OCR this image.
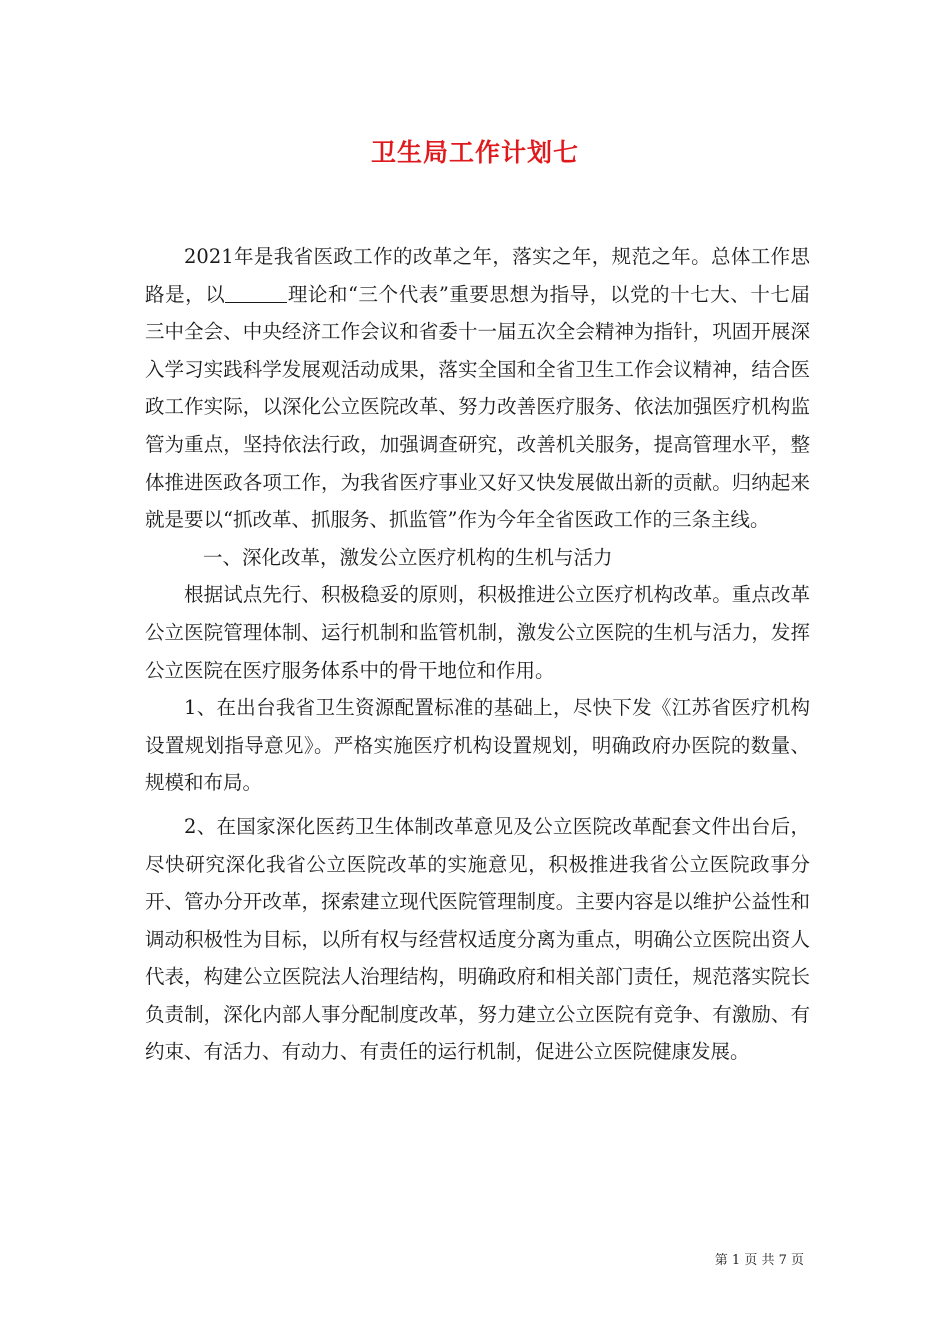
卫生局工作计划七

2021年是我省医政工作的改革之年，落实之年，规范之年。总体工作思路是，以	理论和“三个代表”重要思想为指导，以党的十七大、十七届三中全会、中央经济工作会议和省委十一届五次全会精神为指针，巩固开展深入学习实践科学发展观活动成果，落实全国和全省卫生工作会议精神，结合医政工作实际，以深化公立医院改革、努力改善医疗服务、依法加强医疗机构监管为重点，坚持依法行政，加强调查研究，改善机关服务，提高管理水平，整体推进医政各项工作，为我省医疗事业又好又快发展做出新的贡献。归纳起来就是要以“抓改革、抓服务、抓监管”作为今年全省医政工作的三条主线。

一、深化改革，激发公立医疗机构的生机与活力

根据试点先行、积极稳妥的原则，积极推进公立医疗机构改革。重点改革公立医院管理体制、运行机制和监管机制，激发公立医院的生机与活力，发挥公立医院在医疗服务体系中的骨干地位和作用。

1、在出台我省卫生资源配置标准的基础上，尽快下发《江苏省医疗机构设置规划指导意见》。严格实施医疗机构设置规划，明确政府办医院的数量、规模和布局。

2、在国家深化医药卫生体制改革意见及公立医院改革配套文件出台后，尽快研究深化我省公立医院改革的实施意见，积极推进我省公立医院政事分开、管办分开改革，探索建立现代医院管理制度。主要内容是以维护公益性和调动积极性为目标，以所有权与经营权适度分离为重点，明确公立医院出资人代表，构建公立医院法人治理结构，明确政府和相关部门责任，规范落实院长负责制，深化内部人事分配制度改革，努力建立公立医院有竞争、有激励、有约束、有活力、有动力、有责任的运行机制，促进公立医院健康发展。

第 1 页 共 7 页
